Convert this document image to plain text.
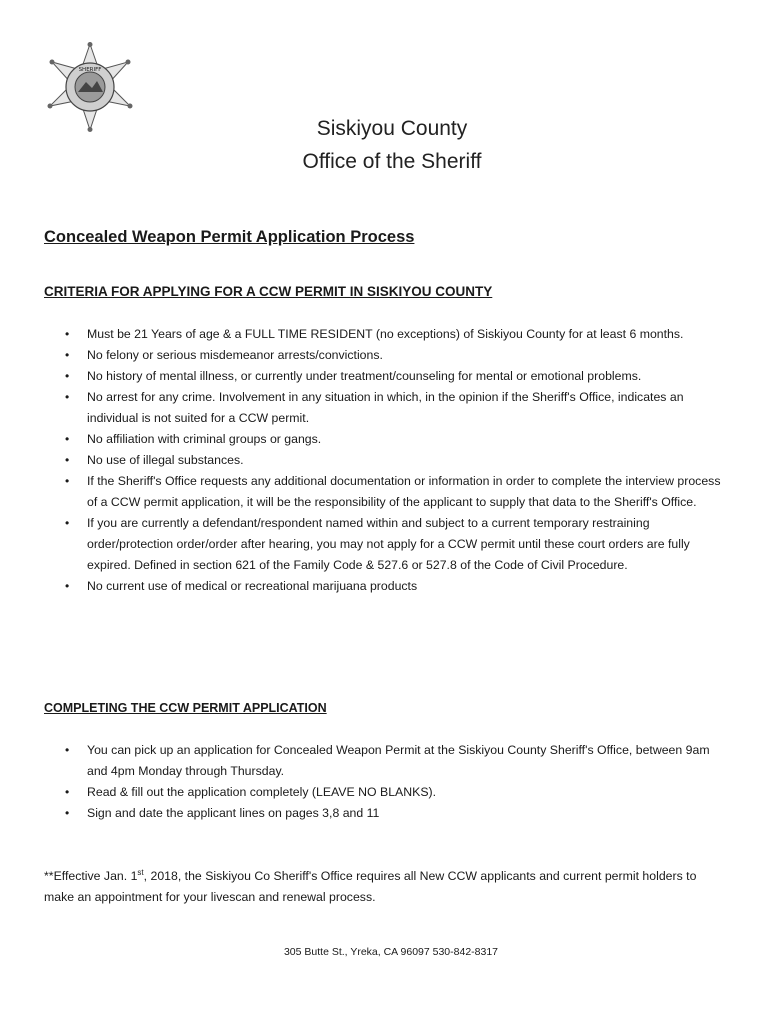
SHERIFF
Siskiyou County
Office of the Sheriff
Concealed Weapon Permit Application Process
CRITERIA FOR APPLYING FOR A CCW PERMIT IN SISKIYOU COUNTY
• Must be 21 Years of age & a FULL TIME RESIDENT (no exceptions) of Siskiyou County for at least 6 months.
• No felony or serious misdemeanor arrests/convictions.
• No history of mental illness, or currently under treatment/counseling for mental or emotional problems.
• No arrest for any crime. Involvement in any situation in which, in the opinion if the Sheriff's Office, indicates an individual is not suited for a CCW permit.
• No affiliation with criminal groups or gangs.
• No use of illegal substances.
• If the Sheriff's Office requests any additional documentation or information in order to complete the interview process of a CCW permit application, it will be the responsibility of the applicant to supply that data to the Sheriff's Office.
• If you are currently a defendant/respondent named within and subject to a current temporary restraining order/protection order/order after hearing, you may not apply for a CCW permit until these court orders are fully expired. Defined in section 621 of the Family Code & 527.6 or 527.8 of the Code of Civil Procedure.
• No current use of medical or recreational marijuana products
COMPLETING THE CCW PERMIT APPLICATION
• You can pick up an application for Concealed Weapon Permit at the Siskiyou County Sheriff's Office, between 9am and 4pm Monday through Thursday.
• Read & fill out the application completely (LEAVE NO BLANKS).
• Sign and date the applicant lines on pages 3,8 and 11
**Effective Jan. 1st, 2018, the Siskiyou Co Sheriff's Office requires all New CCW applicants and current permit holders to make an appointment for your livescan and renewal process.
305 Butte St., Yreka, CA 96097 530-842-8317
